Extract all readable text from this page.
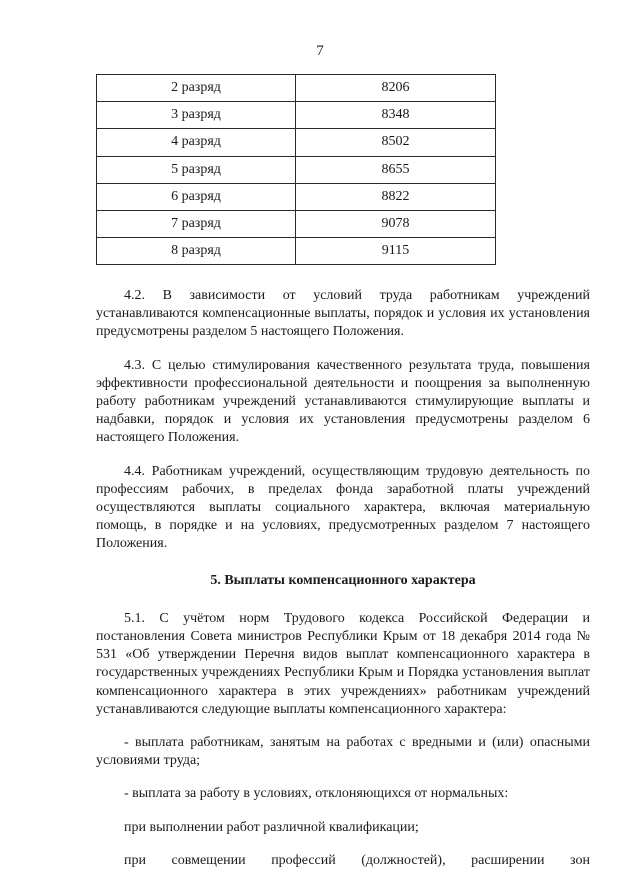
7
2 разряд	8206
3 разряд	8348
4 разряд	8502
5 разряд	8655
6 разряд	8822
7 разряд	9078
8 разряд	9115

4.2. В зависимости от условий труда работникам учреждений устанавливаются компенсационные выплаты, порядок и условия их установления предусмотрены разделом 5 настоящего Положения.

4.3. С целью стимулирования качественного результата труда, повышения эффективности профессиональной деятельности и поощрения за выполненную работу работникам учреждений устанавливаются стимулирующие выплаты и надбавки, порядок и условия их установления предусмотрены разделом 6 настоящего Положения.

4.4. Работникам учреждений, осуществляющим трудовую деятельность по профессиям рабочих, в пределах фонда заработной платы учреждений осуществляются выплаты социального характера, включая материальную помощь, в порядке и на условиях, предусмотренных разделом 7 настоящего Положения.

5. Выплаты компенсационного характера

5.1. С учётом норм Трудового кодекса Российской Федерации и постановления Совета министров Республики Крым от 18 декабря 2014 года № 531 «Об утверждении Перечня видов выплат компенсационного характера в государственных учреждениях Республики Крым и Порядка установления выплат компенсационного характера в этих учреждениях» работникам учреждений устанавливаются следующие выплаты компенсационного характера:

- выплата работникам, занятым на работах с вредными и (или) опасными условиями труда;

- выплата за работу в условиях, отклоняющихся от нормальных:

при выполнении работ различной квалификации;

при совмещении профессий (должностей), расширении зон
